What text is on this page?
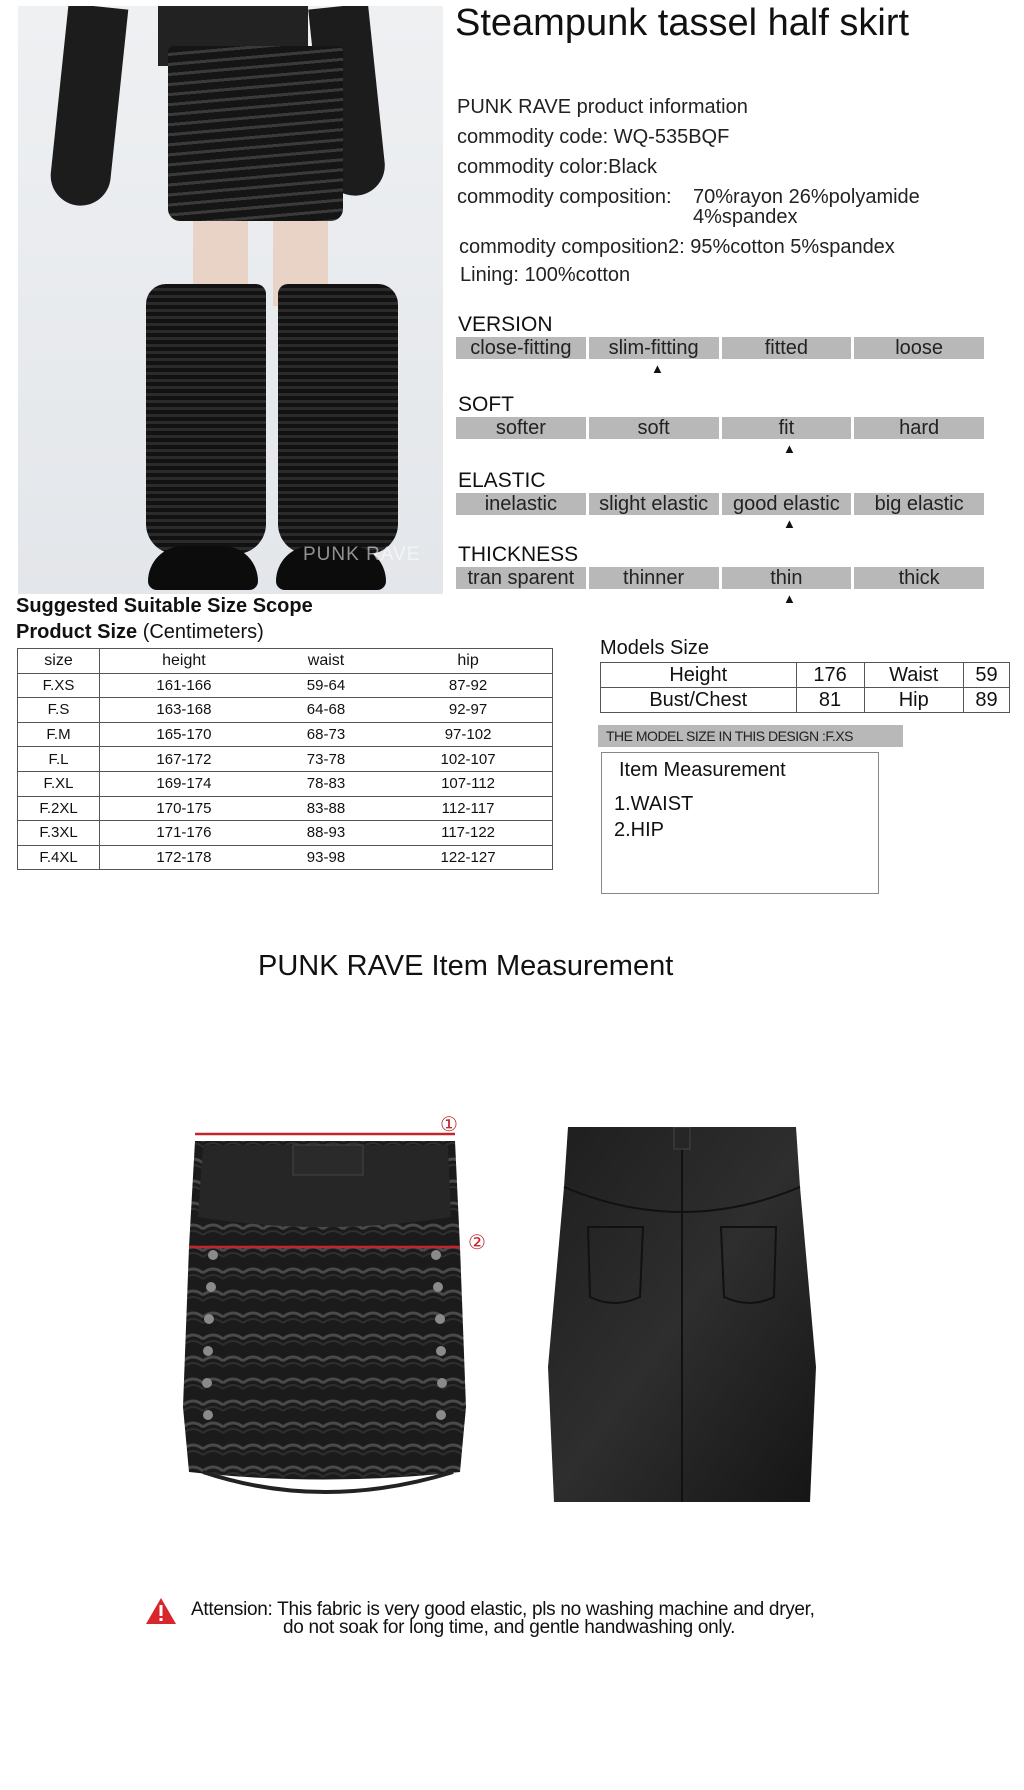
PUNK RAVE
Steampunk tassel half skirt
PUNK RAVE product information
commodity code: WQ-535BQF
commodity color:Black
commodity composition: 70%rayon 26%polyamide
4%spandex
commodity composition2: 95%cotton 5%spandex
Lining: 100%cotton
VERSION
close-fitting	slim-fitting	fitted	loose
▲
SOFT
softer	soft	fit	hard
▲
ELASTIC
inelastic	slight elastic	good elastic	big elastic
▲
THICKNESS
tran sparent	thinner	thin	thick
▲
Suggested Suitable Size Scope
Product Size (Centimeters)
size	height	waist	hip
F.XS	161-166	59-64	87-92
F.S	163-168	64-68	92-97
F.M	165-170	68-73	97-102
F.L	167-172	73-78	102-107
F.XL	169-174	78-83	107-112
F.2XL	170-175	83-88	112-117
F.3XL	171-176	88-93	117-122
F.4XL	172-178	93-98	122-127
Models Size
Height	176	Waist	59
Bust/Chest	81	Hip	89
THE MODEL SIZE IN THIS DESIGN :F.XS
Item Measurement
1.WAIST
2.HIP
PUNK RAVE Item Measurement
①
②
Attension: This fabric is very good elastic, pls no washing machine and dryer,
do not soak for long time, and gentle handwashing only.
